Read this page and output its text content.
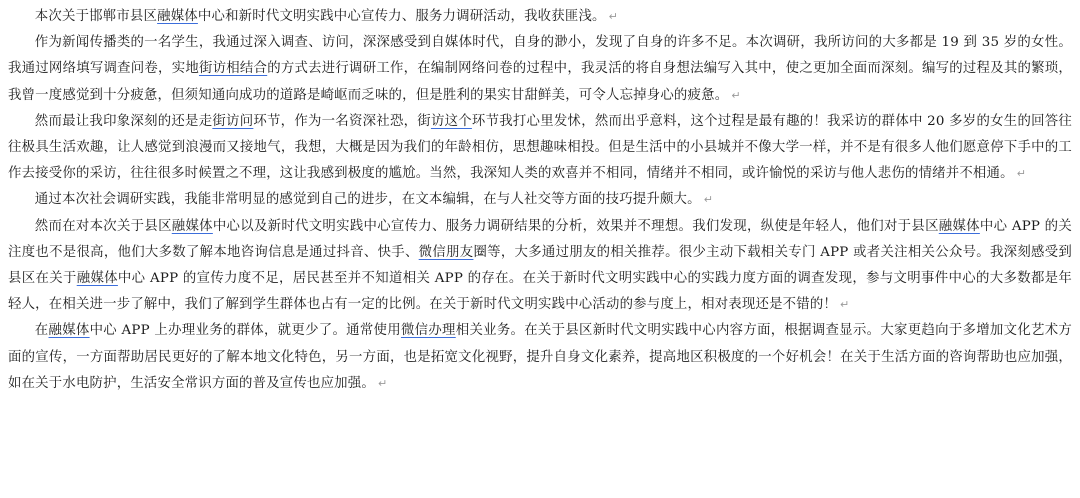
本次关于邯郸市县区融媒体中心和新时代文明实践中心宣传力、服务力调研活动，我收获匪浅。 ↵

作为新闻传播类的一名学生，我通过深入调查、访问，深深感受到自媒体时代，自身的渺小，发现了自身的许多不足。本次调研，我所访问的大多都是 19 到 35 岁的女性。我通过网络填写调查问卷，实地街访相结合的方式去进行调研工作，在编制网络问卷的过程中，我灵活的将自身想法编写入其中，使之更加全面而深刻。编写的过程及其的繁琐，我曾一度感觉到十分疲惫，但须知通向成功的道路是崎岖而乏味的，但是胜利的果实甘甜鲜美，可令人忘掉身心的疲惫。 ↵

然而最让我印象深刻的还是走街访问环节，作为一名资深社恐，街访这个环节我打心里发怵，然而出乎意料，这个过程是最有趣的！我采访的群体中 20 多岁的女生的回答往往极具生活欢趣，让人感觉到浪漫而又接地气，我想，大概是因为我们的年龄相仿，思想趣味相投。但是生活中的小县城并不像大学一样，并不是有很多人他们愿意停下手中的工作去接受你的采访，往往很多时候置之不理，这让我感到极度的尴尬。当然，我深知人类的欢喜并不相同，情绪并不相同，或许愉悦的采访与他人悲伤的情绪并不相通。 ↵

通过本次社会调研实践，我能非常明显的感觉到自己的进步，在文本编辑，在与人社交等方面的技巧提升颇大。 ↵

然而在对本次关于县区融媒体中心以及新时代文明实践中心宣传力、服务力调研结果的分析，效果并不理想。我们发现，纵使是年轻人，他们对于县区融媒体中心 APP 的关注度也不是很高，他们大多数了解本地咨询信息是通过抖音、快手、微信朋友圈等，大多通过朋友的相关推荐。很少主动下载相关专门 APP 或者关注相关公众号。我深刻感受到县区在关于融媒体中心 APP 的宣传力度不足，居民甚至并不知道相关 APP 的存在。在关于新时代文明实践中心的实践力度方面的调查发现，参与文明事件中心的大多数都是年轻人，在相关进一步了解中，我们了解到学生群体也占有一定的比例。在关于新时代文明实践中心活动的参与度上，相对表现还是不错的！ ↵

在融媒体中心 APP 上办理业务的群体，就更少了。通常使用微信办理相关业务。在关于县区新时代文明实践中心内容方面，根据调查显示。大家更趋向于多增加文化艺术方面的宣传，一方面帮助居民更好的了解本地文化特色，另一方面，也是拓宽文化视野，提升自身文化素养，提高地区积极度的一个好机会！在关于生活方面的咨询帮助也应加强，如在关于水电防护，生活安全常识方面的普及宣传也应加强。 ↵
